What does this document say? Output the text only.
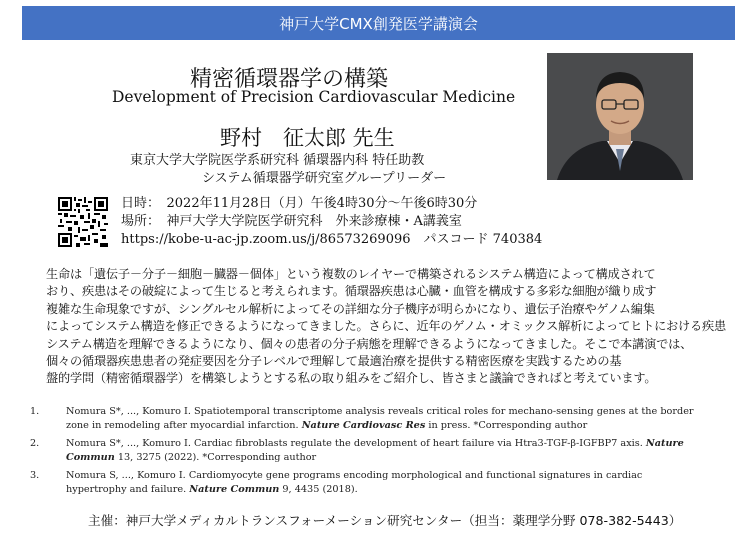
神戸大学CMX創発医学講演会
精密循環器学の構築
Development of Precision Cardiovascular Medicine
野村　征太郎 先生
東京大学大学院医学系研究科 循環器内科 特任助教
システム循環器学研究室グループリーダー
日時：　2022年11月28日（月）午後4時30分～午後6時30分
場所：　神戸大学大学院医学研究科　外来診療棟・A講義室
https://kobe-u-ac-jp.zoom.us/j/86573269096　パスコード 740384
生命は「遺伝子－分子－細胞－臓器－個体」という複数のレイヤーで構築されるシステム構造によって構成されて
おり、疾患はその破綻によって生じると考えられます。循環器疾患は心臓・血管を構成する多彩な細胞が織り成す
複雑な生命現象ですが、シングルセル解析によってその詳細な分子機序が明らかになり、遺伝子治療やゲノム編集
によってシステム構造を修正できるようになってきました。さらに、近年のゲノム・オミックス解析によってヒトにおける疾患
システム構造を理解できるようになり、個々の患者の分子病態を理解できるようになってきました。そこで本講演では、
個々の循環器疾患患者の発症要因を分子レベルで理解して最適治療を提供する精密医療を実践するための基
盤的学問（精密循環器学）を構築しようとする私の取り組みをご紹介し、皆さまと議論できればと考えています。
1.	Nomura S*, ..., Komuro I. Spatiotemporal transcriptome analysis reveals critical roles for mechano-sensing genes at the border
zone in remodeling after myocardial infarction. Nature Cardiovasc Res in press. *Corresponding author
2.	Nomura S*, ..., Komuro I. Cardiac fibroblasts regulate the development of heart failure via Htra3-TGF-β-IGFBP7 axis. Nature
Commun 13, 3275 (2022). *Corresponding author
3.	Nomura S, ..., Komuro I. Cardiomyocyte gene programs encoding morphological and functional signatures in cardiac
hypertrophy and failure. Nature Commun 9, 4435 (2018).
主催：神戸大学メディカルトランスフォーメーション研究センター（担当：薬理学分野 078-382-5443）
